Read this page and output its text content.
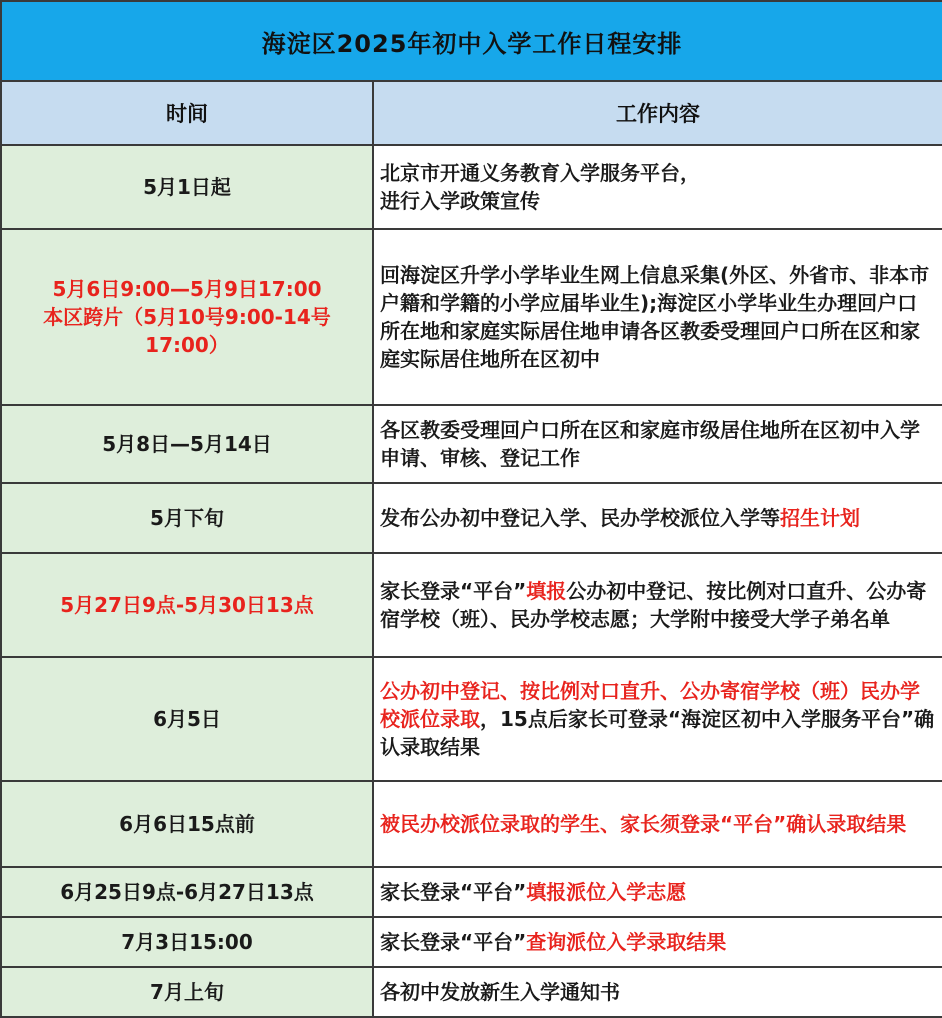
海淀区2025年初中入学工作日程安排	
时间	工作内容

5月1日起	北京市开通义务教育入学服务平台，
进行入学政策宣传

5月6日9:00—5月9日17:00
本区跨片（5月10号9:00-14号17:00）	回海淀区升学小学毕业生网上信息采集(外区、外省市、非本市户籍和学籍的小学应届毕业生);海淀区小学毕业生办理回户口所在地和家庭实际居住地申请各区教委受理回户口所在区和家庭实际居住地所在区初中

5月8日—5月14日	各区教委受理回户口所在区和家庭市级居住地所在区初中入学申请、审核、登记工作

5月下旬	发布公办初中登记入学、民办学校派位入学等招生计划

5月27日9点-5月30日13点	家长登录“平台”填报公办初中登记、按比例对口直升、公办寄宿学校（班）、民办学校志愿；大学附中接受大学子弟名单

6月5日	公办初中登记、按比例对口直升、公办寄宿学校（班）民办学校派位录取，15点后家长可登录“海淀区初中入学服务平台”确认录取结果

6月6日15点前	被民办校派位录取的学生、家长须登录“平台”确认录取结果

6月25日9点-6月27日13点	家长登录“平台”填报派位入学志愿

7月3日15:00	家长登录“平台”查询派位入学录取结果

7月上旬	各初中发放新生入学通知书
